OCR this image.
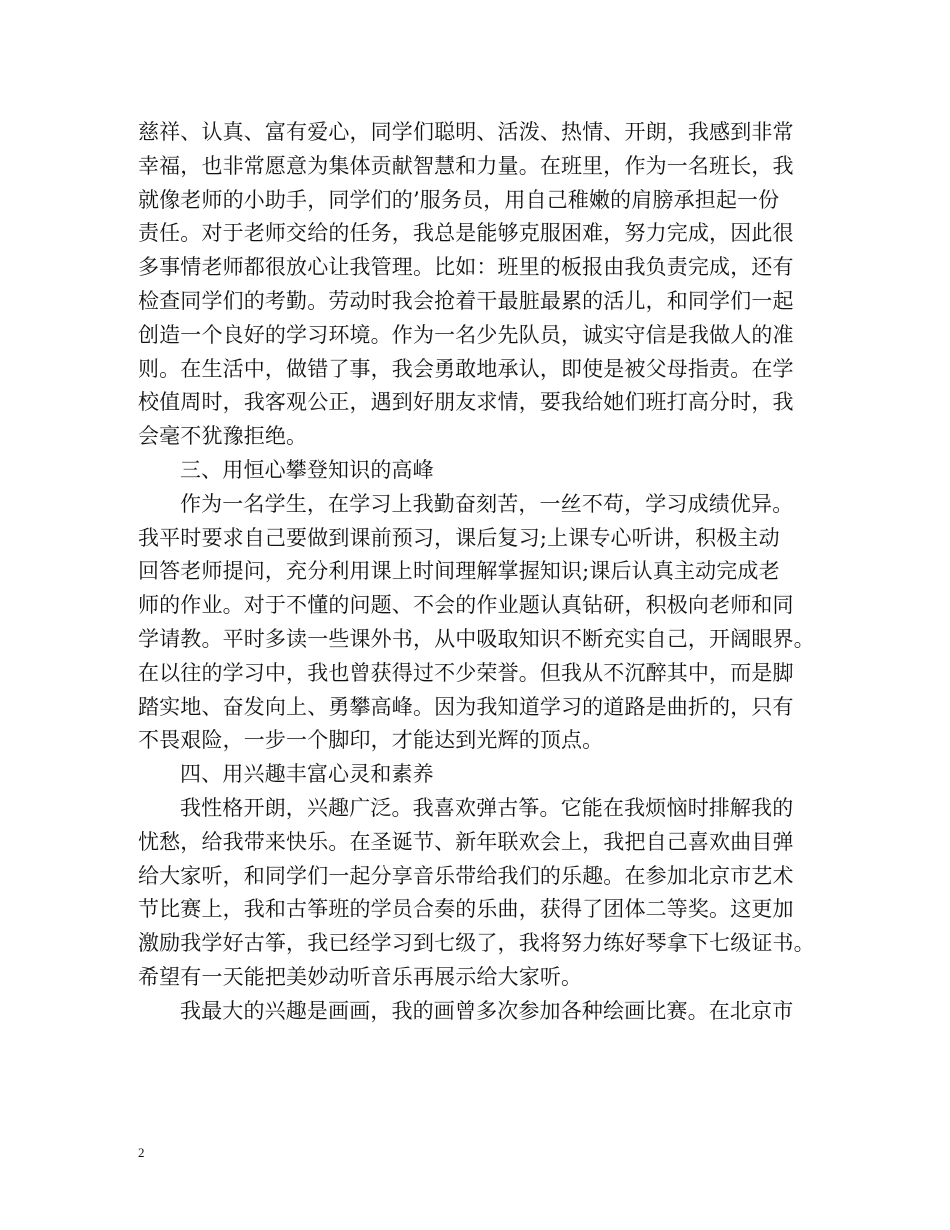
慈祥、认真、富有爱心，同学们聪明、活泼、热情、开朗，我感到非常
幸福，也非常愿意为集体贡献智慧和力量。在班里，作为一名班长，我
就像老师的小助手，同学们的’服务员，用自己稚嫩的肩膀承担起一份
责任。对于老师交给的任务，我总是能够克服困难，努力完成，因此很
多事情老师都很放心让我管理。比如：班里的板报由我负责完成，还有
检查同学们的考勤。劳动时我会抢着干最脏最累的活儿，和同学们一起
创造一个良好的学习环境。作为一名少先队员，诚实守信是我做人的准
则。在生活中，做错了事，我会勇敢地承认，即使是被父母指责。在学
校值周时，我客观公正，遇到好朋友求情，要我给她们班打高分时，我
会毫不犹豫拒绝。
三、用恒心攀登知识的高峰
作为一名学生，在学习上我勤奋刻苦，一丝不苟，学习成绩优异。
我平时要求自己要做到课前预习，课后复习;上课专心听讲，积极主动
回答老师提问，充分利用课上时间理解掌握知识;课后认真主动完成老
师的作业。对于不懂的问题、不会的作业题认真钻研，积极向老师和同
学请教。平时多读一些课外书，从中吸取知识不断充实自己，开阔眼界。
在以往的学习中，我也曾获得过不少荣誉。但我从不沉醉其中，而是脚
踏实地、奋发向上、勇攀高峰。因为我知道学习的道路是曲折的，只有
不畏艰险，一步一个脚印，才能达到光辉的顶点。
四、用兴趣丰富心灵和素养
我性格开朗，兴趣广泛。我喜欢弹古筝。它能在我烦恼时排解我的
忧愁，给我带来快乐。在圣诞节、新年联欢会上，我把自己喜欢曲目弹
给大家听，和同学们一起分享音乐带给我们的乐趣。在参加北京市艺术
节比赛上，我和古筝班的学员合奏的乐曲，获得了团体二等奖。这更加
激励我学好古筝，我已经学习到七级了，我将努力练好琴拿下七级证书。
希望有一天能把美妙动听音乐再展示给大家听。
我最大的兴趣是画画，我的画曾多次参加各种绘画比赛。在北京市
2
